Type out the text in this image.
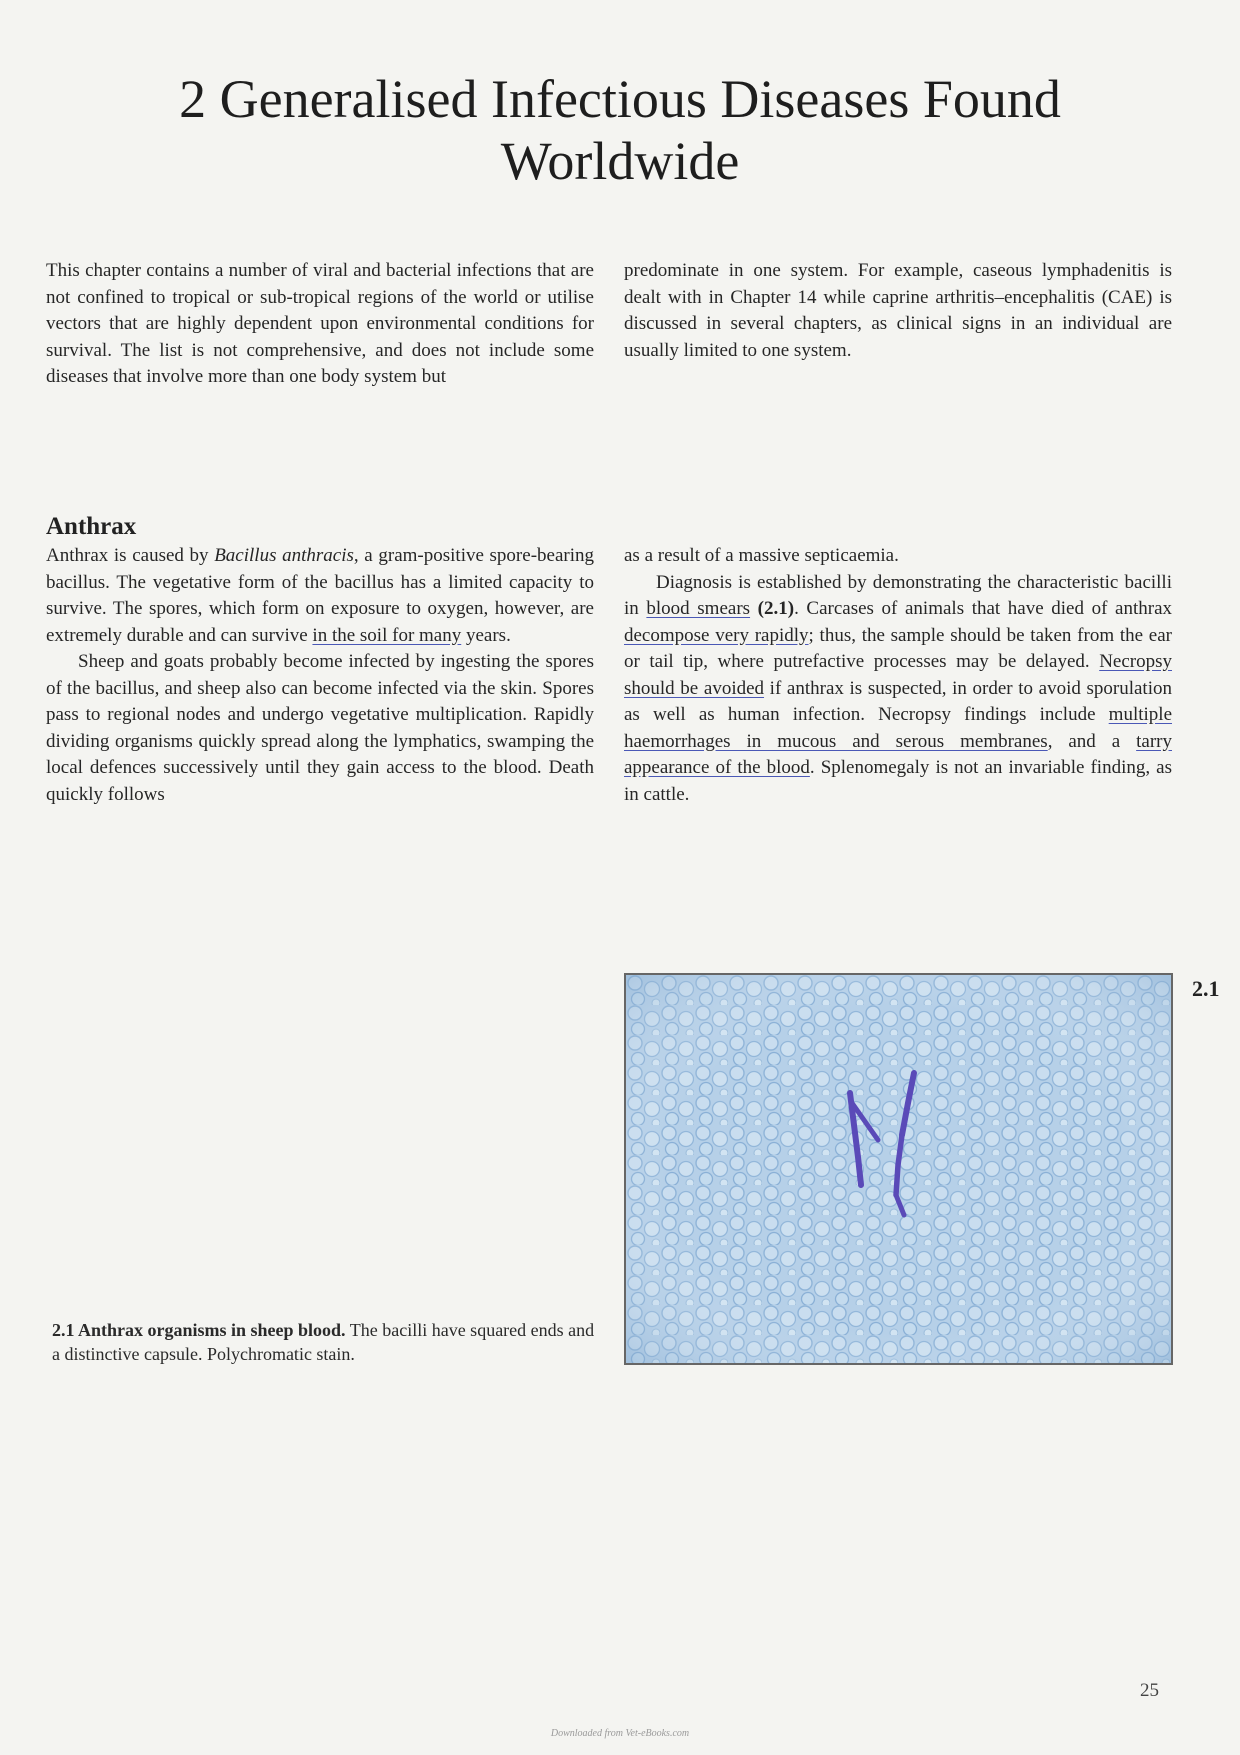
2 Generalised Infectious Diseases Found Worldwide

This chapter contains a number of viral and bacterial infections that are not confined to tropical or sub-tropical regions of the world or utilise vectors that are highly dependent upon environmental conditions for survival. The list is not comprehensive, and does not include some diseases that involve more than one body system but

predominate in one system. For example, caseous lymphadenitis is dealt with in Chapter 14 while caprine arthritis–encephalitis (CAE) is discussed in several chapters, as clinical signs in an individual are usually limited to one system.

Anthrax

Anthrax is caused by Bacillus anthracis, a gram-positive spore-bearing bacillus. The vegetative form of the bacillus has a limited capacity to survive. The spores, which form on exposure to oxygen, however, are extremely durable and can survive in the soil for many years.

Sheep and goats probably become infected by ingesting the spores of the bacillus, and sheep also can become infected via the skin. Spores pass to regional nodes and undergo vegetative multiplication. Rapidly dividing organisms quickly spread along the lymphatics, swamping the local defences successively until they gain access to the blood. Death quickly follows

as a result of a massive septicaemia.

Diagnosis is established by demonstrating the characteristic bacilli in blood smears (2.1). Carcases of animals that have died of anthrax decompose very rapidly; thus, the sample should be taken from the ear or tail tip, where putrefactive processes may be delayed. Necropsy should be avoided if anthrax is suspected, in order to avoid sporulation as well as human infection. Necropsy findings include multiple haemorrhages in mucous and serous membranes, and a tarry appearance of the blood. Splenomegaly is not an invariable finding, as in cattle.

2.1
2.1 Anthrax organisms in sheep blood. The bacilli have squared ends and a distinctive capsule. Polychromatic stain.
25
Downloaded from Vet-eBooks.com
